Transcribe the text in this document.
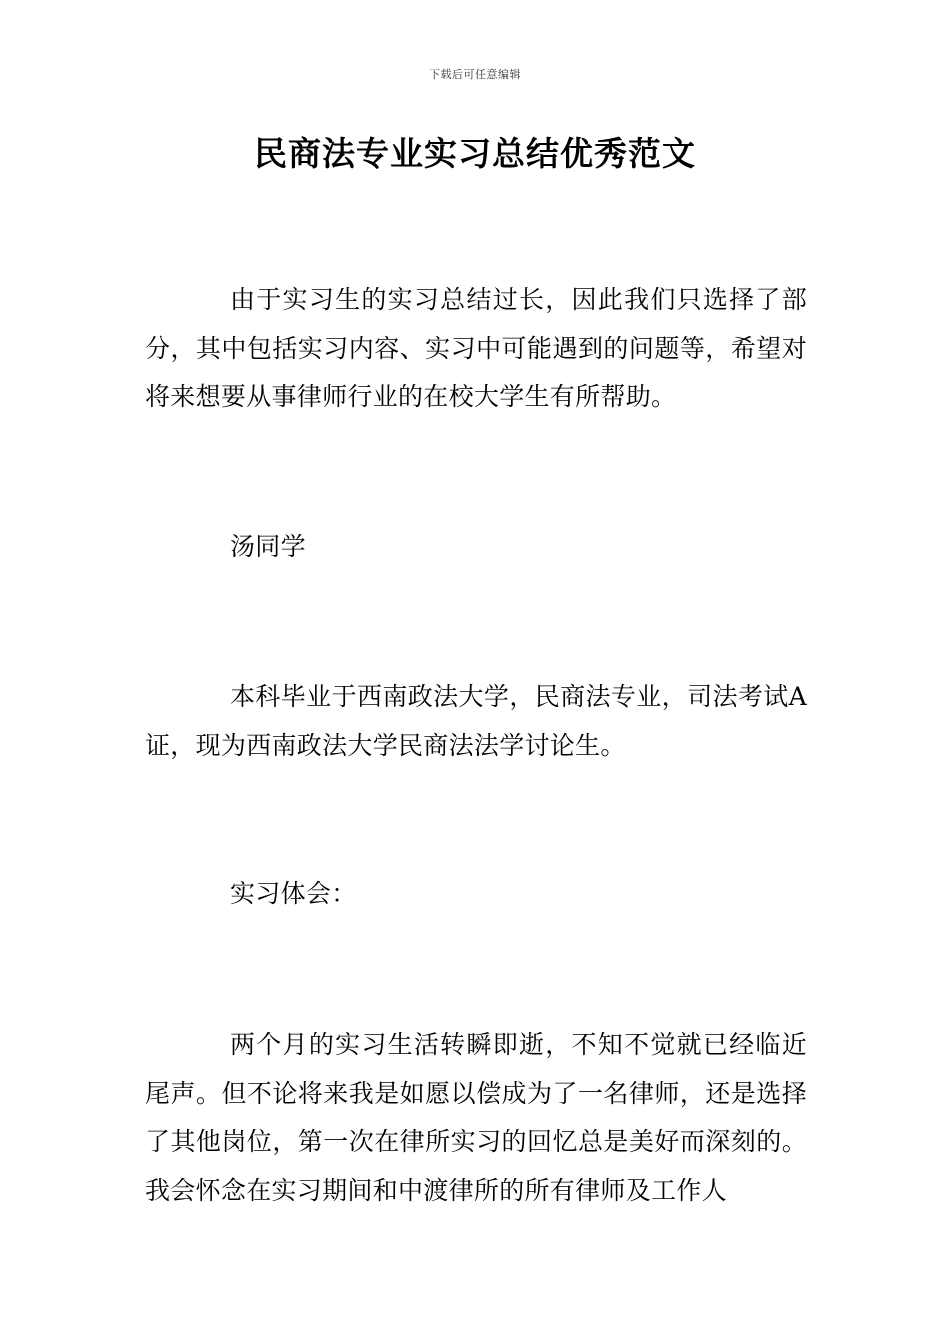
下载后可任意编辑
民商法专业实习总结优秀范文

由于实习生的实习总结过长，因此我们只选择了部分，其中包括实习内容、实习中可能遇到的问题等，希望对将来想要从事律师行业的在校大学生有所帮助。

汤同学

本科毕业于西南政法大学，民商法专业，司法考试A证，现为西南政法大学民商法法学讨论生。

实习体会：

两个月的实习生活转瞬即逝，不知不觉就已经临近尾声。但不论将来我是如愿以偿成为了一名律师，还是选择了其他岗位，第一次在律所实习的回忆总是美好而深刻的。我会怀念在实习期间和中渡律所的所有律师及工作人
